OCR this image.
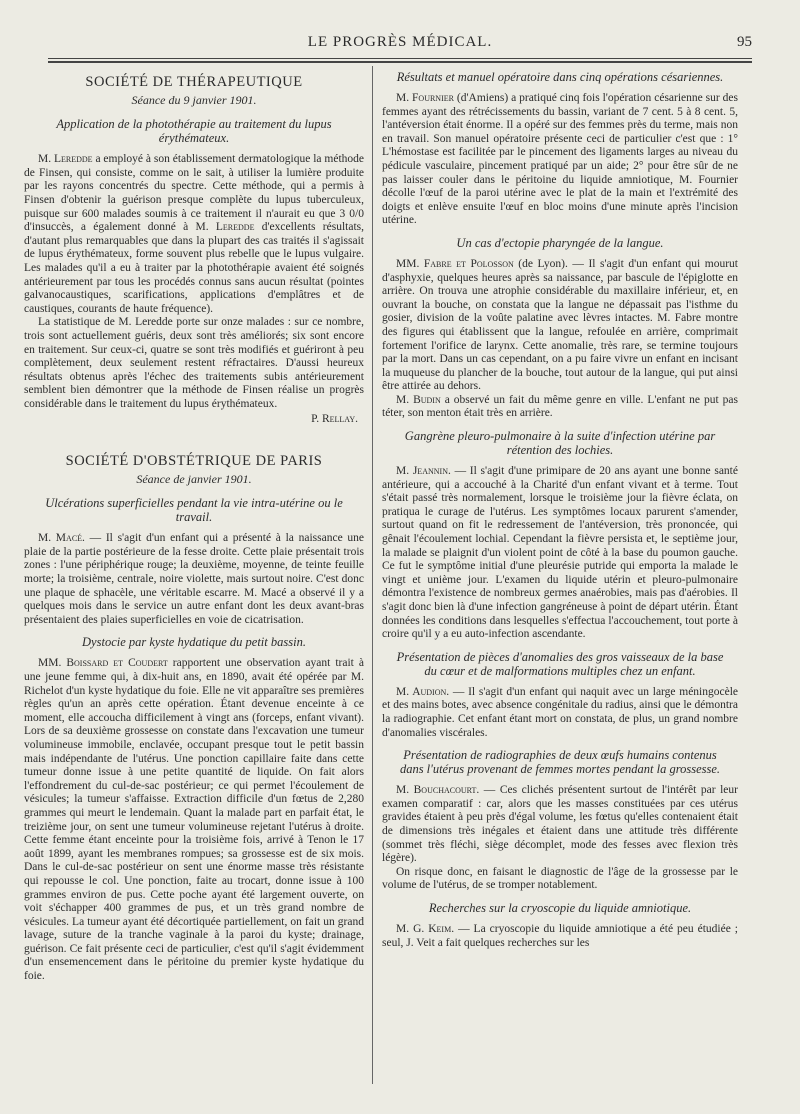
LE PROGRÈS MÉDICAL.	95
SOCIÉTÉ DE THÉRAPEUTIQUE
Séance du 9 janvier 1901.
Application de la photothérapie au traitement du lupus érythémateux.

M. Leredde a employé à son établissement dermatologique la méthode de Finsen, qui consiste, comme on le sait, à utiliser la lumière produite par les rayons concentrés du spectre. Cette méthode, qui a permis à Finsen d'obtenir la guérison presque complète du lupus tuberculeux, puisque sur 600 malades soumis à ce traitement il n'aurait eu que 3 0/0 d'insuccès, a également donné à M. Leredde d'excellents résultats, d'autant plus remarquables que dans la plupart des cas traités il s'agissait de lupus érythémateux, forme souvent plus rebelle que le lupus vulgaire. Les malades qu'il a eu à traiter par la photothérapie avaient été soignés antérieurement par tous les procédés connus sans aucun résultat (pointes galvanocaustiques, scarifications, applications d'emplâtres et de caustiques, courants de haute fréquence).

La statistique de M. Leredde porte sur onze malades : sur ce nombre, trois sont actuellement guéris, deux sont très améliorés; six sont encore en traitement. Sur ceux-ci, quatre se sont très modifiés et guériront à peu complètement, deux seulement restent réfractaires. D'aussi heureux résultats obtenus après l'échec des traitements subis antérieurement semblent bien démontrer que la méthode de Finsen réalise un progrès considérable dans le traitement du lupus érythémateux.

P. Rellay.

SOCIÉTÉ D'OBSTÉTRIQUE DE PARIS
Séance de janvier 1901.
Ulcérations superficielles pendant la vie intra-utérine ou le travail.

M. Macé. — Il s'agit d'un enfant qui a présenté à la naissance une plaie de la partie postérieure de la fesse droite. Cette plaie présentait trois zones : l'une périphérique rouge; la deuxième, moyenne, de teinte feuille morte; la troisième, centrale, noire violette, mais surtout noire. C'est donc une plaque de sphacèle, une véritable escarre. M. Macé a observé il y a quelques mois dans le service un autre enfant dont les deux avant-bras présentaient des plaies superficielles en voie de cicatrisation.

Dystocie par kyste hydatique du petit bassin.

MM. Boissard et Coudert rapportent une observation ayant trait à une jeune femme qui, à dix-huit ans, en 1890, avait été opérée par M. Richelot d'un kyste hydatique du foie. Elle ne vit apparaître ses premières règles qu'un an après cette opération. Étant devenue enceinte à ce moment, elle accoucha difficilement à vingt ans (forceps, enfant vivant). Lors de sa deuxième grossesse on constate dans l'excavation une tumeur volumineuse immobile, enclavée, occupant presque tout le petit bassin mais indépendante de l'utérus. Une ponction capillaire faite dans cette tumeur donne issue à une petite quantité de liquide. On fait alors l'effondrement du cul-de-sac postérieur; ce qui permet l'écoulement de vésicules; la tumeur s'affaisse. Extraction difficile d'un fœtus de 2,280 grammes qui meurt le lendemain. Quant la malade part en parfait état, le treizième jour, on sent une tumeur volumineuse rejetant l'utérus à droite. Cette femme étant enceinte pour la troisième fois, arrivé à Tenon le 17 août 1899, ayant les membranes rompues; sa grossesse est de six mois. Dans le cul-de-sac postérieur on sent une énorme masse très résistante qui repousse le col. Une ponction, faite au trocart, donne issue à 100 grammes environ de pus. Cette poche ayant été largement ouverte, on voit s'échapper 400 grammes de pus, et un très grand nombre de vésicules. La tumeur ayant été décortiquée partiellement, on fait un grand lavage, suture de la tranche vaginale à la paroi du kyste; drainage, guérison. Ce fait présente ceci de particulier, c'est qu'il s'agit évidemment d'un ensemencement dans le péritoine du premier kyste hydatique du foie.

Résultats et manuel opératoire dans cinq opérations césariennes.

M. Fournier (d'Amiens) a pratiqué cinq fois l'opération césarienne sur des femmes ayant des rétrécissements du bassin, variant de 7 cent. 5 à 8 cent. 5, l'antéversion était énorme. Il a opéré sur des femmes près du terme, mais non en travail. Son manuel opératoire présente ceci de particulier c'est que : 1° L'hémostase est facilitée par le pincement des ligaments larges au niveau du pédicule vasculaire, pincement pratiqué par un aide; 2° pour être sûr de ne pas laisser couler dans le péritoine du liquide amniotique, M. Fournier décolle l'œuf de la paroi utérine avec le plat de la main et l'extrémité des doigts et enlève ensuite l'œuf en bloc moins d'une minute après l'incision utérine.

Un cas d'ectopie pharyngée de la langue.

MM. Fabre et Polosson (de Lyon). — Il s'agit d'un enfant qui mourut d'asphyxie, quelques heures après sa naissance, par bascule de l'épiglotte en arrière. On trouva une atrophie considérable du maxillaire inférieur, et, en ouvrant la bouche, on constata que la langue ne dépassait pas l'isthme du gosier, division de la voûte palatine avec lèvres intactes. M. Fabre montre des figures qui établissent que la langue, refoulée en arrière, comprimait fortement l'orifice de larynx. Cette anomalie, très rare, se termine toujours par la mort. Dans un cas cependant, on a pu faire vivre un enfant en incisant la muqueuse du plancher de la bouche, tout autour de la langue, qui put ainsi être attirée au dehors.

M. Budin a observé un fait du même genre en ville. L'enfant ne put pas téter, son menton était très en arrière.

Gangrène pleuro-pulmonaire à la suite d'infection utérine par rétention des lochies.

M. Jeannin. — Il s'agit d'une primipare de 20 ans ayant une bonne santé antérieure, qui a accouché à la Charité d'un enfant vivant et à terme. Tout s'était passé très normalement, lorsque le troisième jour la fièvre éclata, on pratiqua le curage de l'utérus. Les symptômes locaux parurent s'amender, surtout quand on fit le redressement de l'antéversion, très prononcée, qui gênait l'écoulement lochial. Cependant la fièvre persista et, le septième jour, la malade se plaignit d'un violent point de côté à la base du poumon gauche. Ce fut le symptôme initial d'une pleurésie putride qui emporta la malade le vingt et unième jour. L'examen du liquide utérin et pleuro-pulmonaire démontra l'existence de nombreux germes anaérobies, mais pas d'aérobies. Il s'agit donc bien là d'une infection gangréneuse à point de départ utérin. Étant données les conditions dans lesquelles s'effectua l'accouchement, tout porte à croire qu'il y a eu auto-infection ascendante.

Présentation de pièces d'anomalies des gros vaisseaux de la base du cœur et de malformations multiples chez un enfant.

M. Audion. — Il s'agit d'un enfant qui naquit avec un large méningocèle et des mains botes, avec absence congénitale du radius, ainsi que le démontra la radiographie. Cet enfant étant mort on constata, de plus, un grand nombre d'anomalies viscérales.

Présentation de radiographies de deux œufs humains contenus dans l'utérus provenant de femmes mortes pendant la grossesse.

M. Bouchacourt. — Ces clichés présentent surtout de l'intérêt par leur examen comparatif : car, alors que les masses constituées par ces utérus gravides étaient à peu près d'égal volume, les fœtus qu'elles contenaient était de dimensions très inégales et étaient dans une attitude très différente (sommet très fléchi, siège décomplet, mode des fesses avec flexion très légère).

On risque donc, en faisant le diagnostic de l'âge de la grossesse par le volume de l'utérus, de se tromper notablement.

Recherches sur la cryoscopie du liquide amniotique.

M. G. Keim. — La cryoscopie du liquide amniotique a été peu étudiée ; seul, J. Veit a fait quelques recherches sur les
